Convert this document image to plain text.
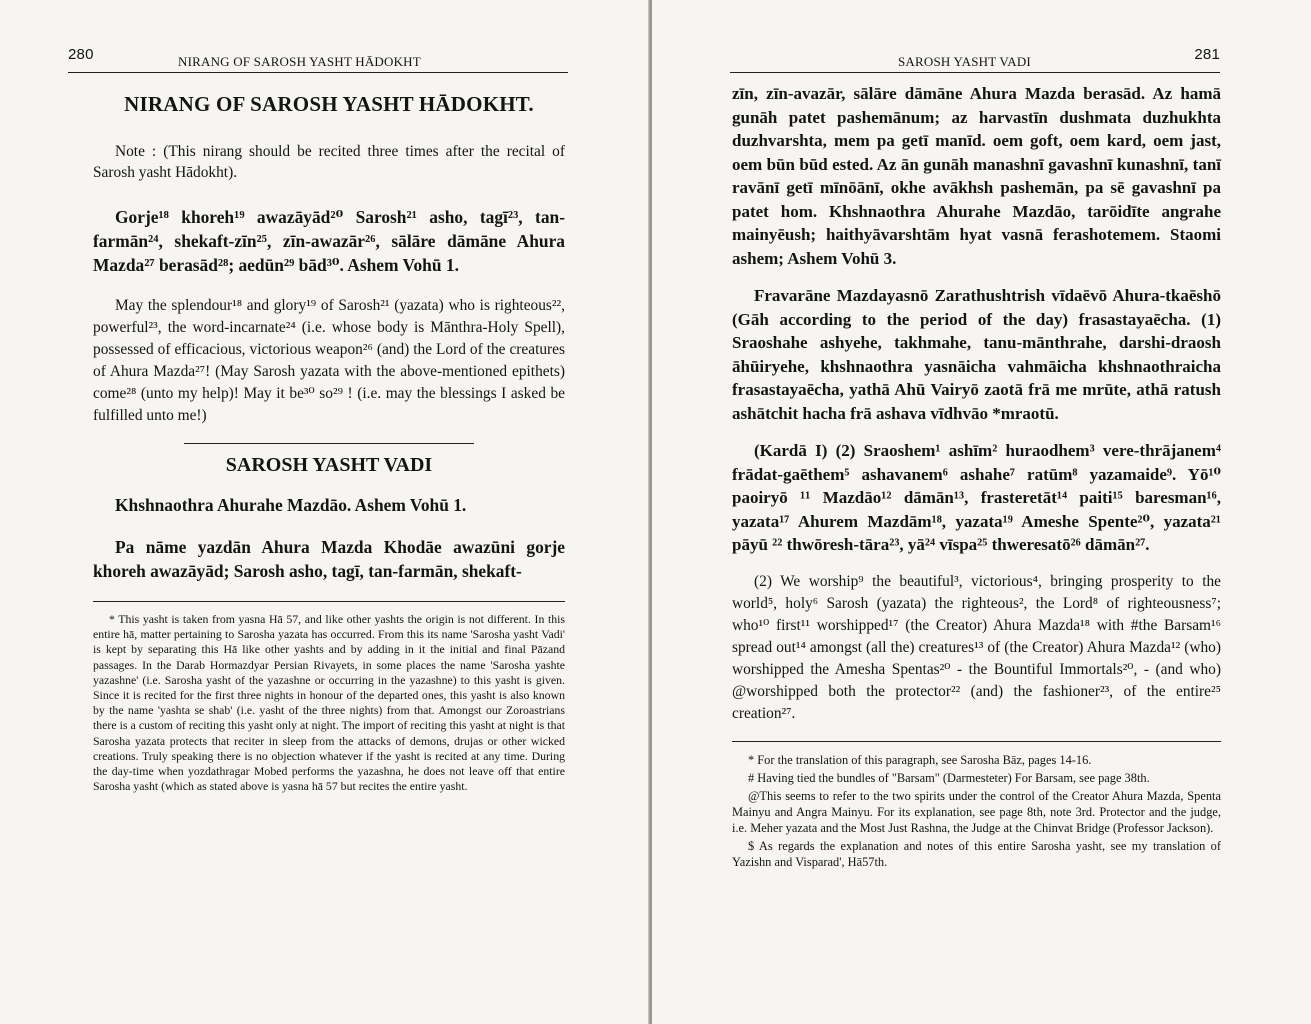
280	NIRANG OF SAROSH YASHT HĀDOKHT
NIRANG OF SAROSH YASHT HĀDOKHT.

Note : (This nirang should be recited three times after the recital of Sarosh yasht Hādokht).

Gorje¹⁸ khoreh¹⁹ awazāyād²⁰ Sarosh²¹ asho, tagī²³, tan-farmān²⁴, shekaft-zīn²⁵, zīn-awazār²⁶, sālāre dāmāne Ahura Mazda²⁷ berasād²⁸; aedūn²⁹ bād³⁰. Ashem Vohū 1.

May the splendour¹⁸ and glory¹⁹ of Sarosh²¹ (yazata) who is righteous²², powerful²³, the word-incarnate²⁴ (i.e. whose body is Mānthra-Holy Spell), possessed of efficacious, victorious weapon²⁶ (and) the Lord of the creatures of Ahura Mazda²⁷! (May Sarosh yazata with the above-mentioned epithets) come²⁸ (unto my help)! May it be³⁰ so²⁹ ! (i.e. may the blessings I asked be fulfilled unto me!)

SAROSH YASHT VADI

Khshnaothra Ahurahe Mazdāo. Ashem Vohū 1.

Pa nāme yazdān Ahura Mazda Khodāe awazūni gorje khoreh awazāyād; Sarosh asho, tagī, tan-farmān, shekaft-

* This yasht is taken from yasna Hā 57, and like other yashts the origin is not different. In this entire hā, matter pertaining to Sarosha yazata has occurred. From this its name 'Sarosha yasht Vadi' is kept by separating this Hā like other yashts and by adding in it the initial and final Pāzand passages. In the Darab Hormazdyar Persian Rivayets, in some places the name 'Sarosha yashte yazashne' (i.e. Sarosha yasht of the yazashne or occurring in the yazashne) to this yasht is given. Since it is recited for the first three nights in honour of the departed ones, this yasht is also known by the name 'yashta se shab' (i.e. yasht of the three nights) from that. Amongst our Zoroastrians there is a custom of reciting this yasht only at night. The import of reciting this yasht at night is that Sarosha yazata protects that reciter in sleep from the attacks of demons, drujas or other wicked creations. Truly speaking there is no objection whatever if the yasht is recited at any time. During the day-time when yozdathragar Mobed performs the yazashna, he does not leave off that entire Sarosha yasht (which as stated above is yasna hā 57 but recites the entire yasht.

SAROSH YASHT VADI	281

zīn, zīn-avazār, sālāre dāmāne Ahura Mazda berasād. Az hamā gunāh patet pashemānum; az harvastīn dushmata duzhukhta duzhvarshta, mem pa getī manīd. oem goft, oem kard, oem jast, oem būn būd ested. Az ān gunāh manashnī gavashnī kunashnī, tanī ravānī getī mīnōānī, okhe avākhsh pashemān, pa sē gavashnī pa patet hom. Khshnaothra Ahurahe Mazdāo, tarōidīte angrahe mainyēush; haithyāvarshtām hyat vasnā ferashotemem. Staomi ashem; Ashem Vohū 3.

Fravarāne Mazdayasnō Zarathushtrish vīdaēvō Ahura-tkaēshō (Gāh according to the period of the day) frasastayaēcha. (1) Sraoshahe ashyehe, takhmahe, tanu-mānthrahe, darshi-draosh āhūiryehe, khshnaothra yasnāicha vahmāicha khshnaothraicha frasastayaēcha, yathā Ahū Vairyō zaotā frā me mrūte, athā ratush ashātchit hacha frā ashava vīdhvāo *mraotū.

(Kardā I) (2) Sraoshem¹ ashīm² huraodhem³ vere-thrājanem⁴ frādat-gaēthem⁵ ashavanem⁶ ashahe⁷ ratūm⁸ yazamaide⁹. Yō¹⁰ paoiryō ¹¹ Mazdāo¹² dāmān¹³, frasteretāt¹⁴ paiti¹⁵ baresman¹⁶, yazata¹⁷ Ahurem Mazdām¹⁸, yazata¹⁹ Ameshe Spente²⁰, yazata²¹ pāyū ²² thwōresh-tāra²³, yā²⁴ vīspa²⁵ thweresatō²⁶ dāmān²⁷.

(2) We worship⁹ the beautiful³, victorious⁴, bringing prosperity to the world⁵, holy⁶ Sarosh (yazata) the righteous², the Lord⁸ of righteousness⁷; who¹⁰ first¹¹ worshipped¹⁷ (the Creator) Ahura Mazda¹⁸ with #the Barsam¹⁶ spread out¹⁴ amongst (all the) creatures¹³ of (the Creator) Ahura Mazda¹² (who) worshipped the Amesha Spentas²⁰ - the Bountiful Immortals²⁰, - (and who) @worshipped both the protector²² (and) the fashioner²³, of the entire²⁵ creation²⁷.

* For the translation of this paragraph, see Sarosha Bāz, pages 14-16.

# Having tied the bundles of "Barsam" (Darmesteter) For Barsam, see page 38th.

@This seems to refer to the two spirits under the control of the Creator Ahura Mazda, Spenta Mainyu and Angra Mainyu. For its explanation, see page 8th, note 3rd. Protector and the judge, i.e. Meher yazata and the Most Just Rashna, the Judge at the Chinvat Bridge (Professor Jackson).

$ As regards the explanation and notes of this entire Sarosha yasht, see my translation of Yazishn and Visparad', Hā57th.
